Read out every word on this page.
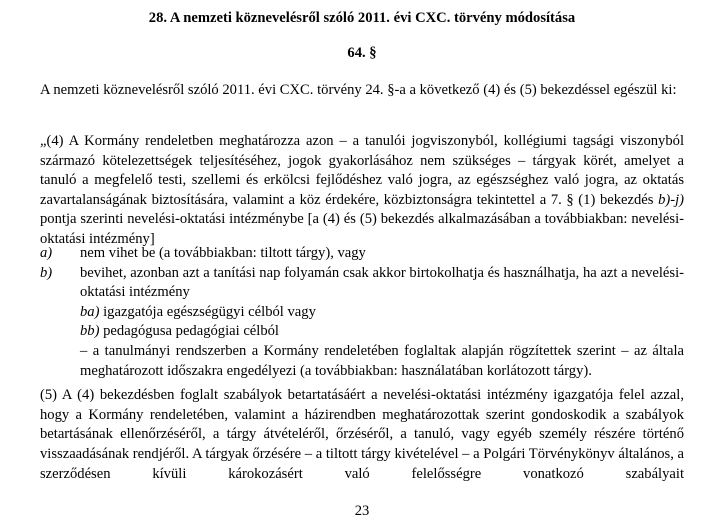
28. A nemzeti köznevelésről szóló 2011. évi CXC. törvény módosítása
64. §
A nemzeti köznevelésről szóló 2011. évi CXC. törvény 24. §-a a következő (4) és (5) bekezdéssel egészül ki:
„(4) A Kormány rendeletben meghatározza azon – a tanulói jogviszonyból, kollégiumi tagsági viszonyból származó kötelezettségek teljesítéséhez, jogok gyakorlásához nem szükséges – tárgyak körét, amelyet a tanuló a megfelelő testi, szellemi és erkölcsi fejlődéshez való jogra, az egészséghez való jogra, az oktatás zavartalanságának biztosítására, valamint a köz érdekére, közbiztonságra tekintettel a 7. § (1) bekezdés b)-j) pontja szerinti nevelési-oktatási intézménybe [a (4) és (5) bekezdés alkalmazásában a továbbiakban: nevelési-oktatási intézmény]
a)	nem vihet be (a továbbiakban: tiltott tárgy), vagy
b)	bevihet, azonban azt a tanítási nap folyamán csak akkor birtokolhatja és használhatja, ha azt a nevelési-oktatási intézmény
ba) igazgatója egészségügyi célból vagy
bb) pedagógusa pedagógiai célból
– a tanulmányi rendszerben a Kormány rendeletében foglaltak alapján rögzítettek szerint – az általa meghatározott időszakra engedélyezi (a továbbiakban: használatában korlátozott tárgy).
(5) A (4) bekezdésben foglalt szabályok betartatásáért a nevelési-oktatási intézmény igazgatója felel azzal, hogy a Kormány rendeletében, valamint a házirendben meghatározottak szerint gondoskodik a szabályok betartásának ellenőrzéséről, a tárgy átvételéről, őrzéséről, a tanuló, vagy egyéb személy részére történő visszaadásának rendjéről. A tárgyak őrzésére – a tiltott tárgy kivételével – a Polgári Törvénykönyv általános, a szerződésen kívüli károkozásért való felelősségre vonatkozó szabályait
23
